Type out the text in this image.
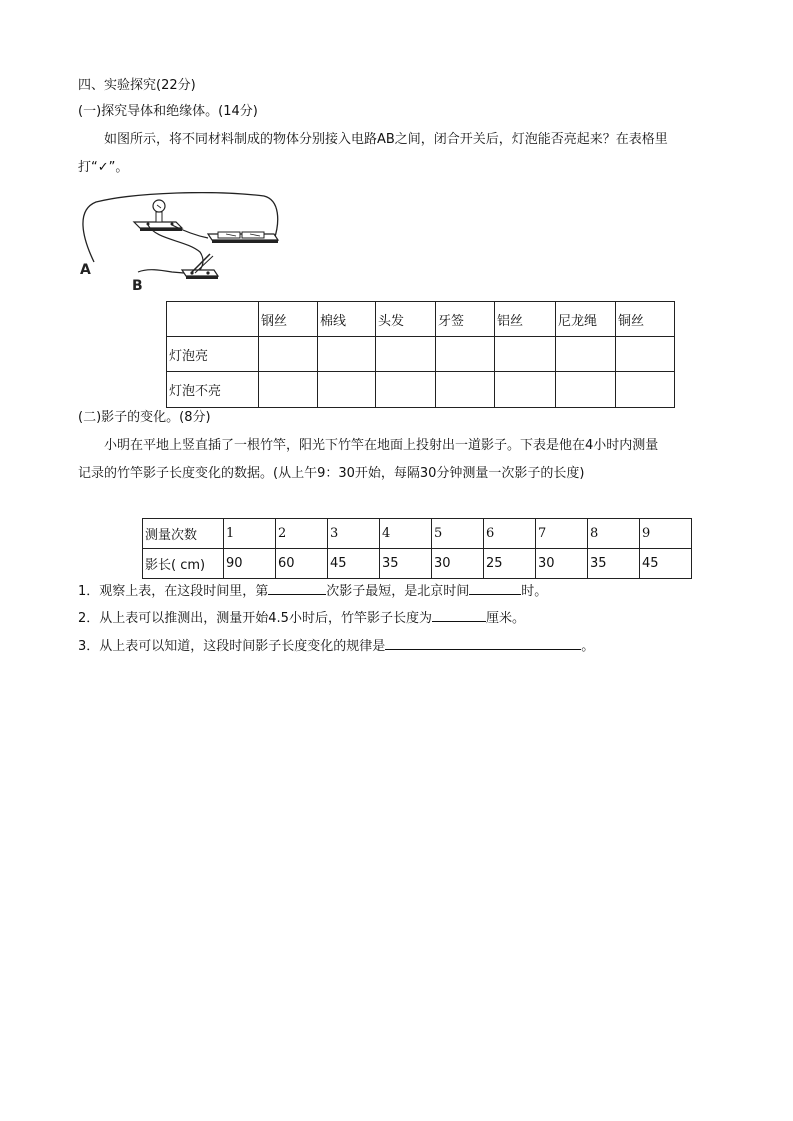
四、实验探究(22分)
(一)探究导体和绝缘体。(14分)
如图所示，将不同材料制成的物体分别接入电路AB之间，闭合开关后，灯泡能否亮起来？在表格里
打“✓”。
A
B
	钢丝	棉线	头发	牙签	铝丝	尼龙绳	铜丝
灯泡亮							
灯泡不亮							
(二)影子的变化。(8分)
小明在平地上竖直插了一根竹竿，阳光下竹竿在地面上投射出一道影子。下表是他在4小时内测量
记录的竹竿影子长度变化的数据。(从上午9：30开始，每隔30分钟测量一次影子的长度)
测量次数	1	2	3	4	5	6	7	8	9
影长( cm)	90	60	45	35	30	25	30	35	45
1．观察上表，在这段时间里，第	次影子最短，是北京时间	时。
2．从上表可以推测出，测量开始4.5小时后，竹竿影子长度为	厘米。
3．从上表可以知道，这段时间影子长度变化的规律是	。
